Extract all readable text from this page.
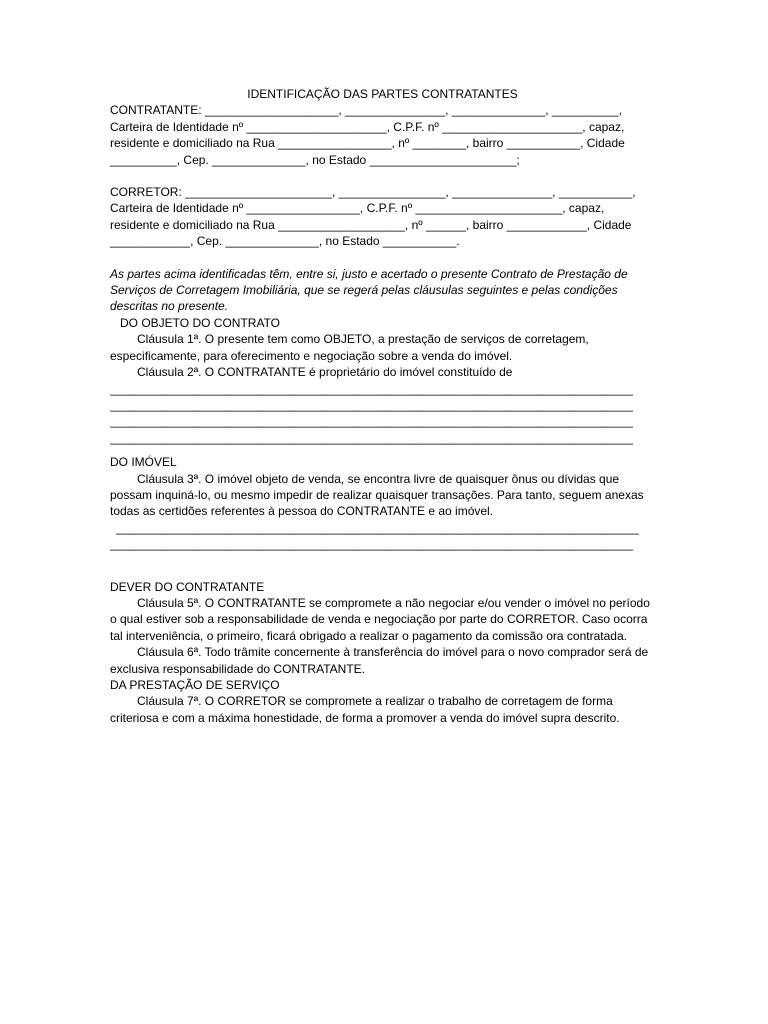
IDENTIFICAÇÃO DAS PARTES CONTRATANTES

CONTRATANTE: ____________________, _______________, ______________, __________,

Carteira de Identidade nº _____________________, C.P.F. nº _____________________, capaz,

residente e domiciliado na Rua _________________, nº ________, bairro ___________, Cidade

__________, Cep. ______________, no Estado ______________________;

CORRETOR: ______________________, ________________, _______________, ___________,

Carteira de Identidade nº _________________, C.P.F. nº ______________________, capaz,

residente e domiciliado na Rua ___________________, nº ______, bairro ____________, Cidade

____________, Cep. ______________, no Estado ___________.

As partes acima identificadas têm, entre si, justo e acertado o presente Contrato de Prestação de Serviços de Corretagem Imobiliária, que se regerá pelas cláusulas seguintes e pelas condições descritas no presente.

DO OBJETO DO CONTRATO

Cláusula 1ª. O presente tem como OBJETO, a prestação de serviços de corretagem, especificamente, para oferecimento e negociação sobre a venda do imóvel.

Cláusula 2ª. O CONTRATANTE é proprietário do imóvel constituído de

__________________________________________________________________________________
__________________________________________________________________________________
__________________________________________________________________________________
__________________________________________________________________________________

DO IMÓVEL

Cláusula 3ª. O imóvel objeto de venda, se encontra livre de quaisquer ônus ou dívidas que possam inquiná-lo, ou mesmo impedir de realizar quaisquer transações. Para tanto, seguem anexas todas as certidões referentes à pessoa do CONTRATANTE e ao imóvel.

__________________________________________________________________________________
__________________________________________________________________________________

DEVER DO CONTRATANTE

Cláusula 5ª. O CONTRATANTE se compromete a não negociar e/ou vender o imóvel no período o qual estiver sob a responsabilidade de venda e negociação por parte do CORRETOR. Caso ocorra tal interveniência, o primeiro, ficará obrigado a realizar o pagamento da comissão ora contratada.

Cláusula 6ª. Todo trâmite concernente à transferência do imóvel para o novo comprador será de exclusiva responsabilidade do CONTRATANTE.

DA PRESTAÇÃO DE SERVIÇO

Cláusula 7ª. O CORRETOR se compromete a realizar o trabalho de corretagem de forma criteriosa e com a máxima honestidade, de forma a promover a venda do imóvel supra descrito.
